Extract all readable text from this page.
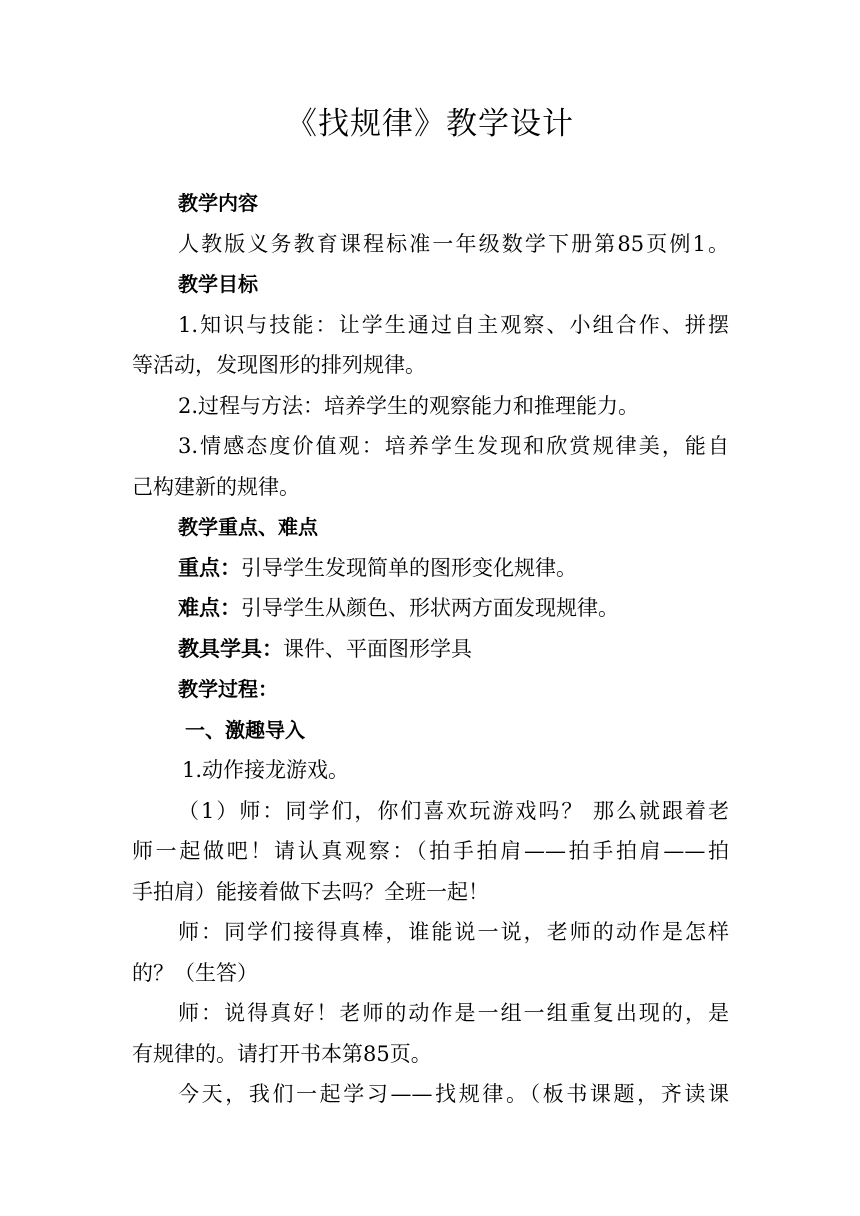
《找规律》教学设计
教学内容
人教版义务教育课程标准一年级数学下册第85页例1。
教学目标
1.知识与技能：让学生通过自主观察、小组合作、拼摆
等活动，发现图形的排列规律。
2.过程与方法：培养学生的观察能力和推理能力。
3.情感态度价值观：培养学生发现和欣赏规律美，能自
己构建新的规律。
教学重点、难点
重点：引导学生发现简单的图形变化规律。
难点：引导学生从颜色、形状两方面发现规律。
教具学具：课件、平面图形学具
教学过程：
一、激趣导入
1.动作接龙游戏。
（1）师：同学们，你们喜欢玩游戏吗？ 那么就跟着老
师一起做吧！请认真观察：（拍手拍肩——拍手拍肩——拍
手拍肩）能接着做下去吗？全班一起！
师：同学们接得真棒，谁能说一说，老师的动作是怎样
的？（生答）
师：说得真好！老师的动作是一组一组重复出现的，是
有规律的。请打开书本第85页。
今天，我们一起学习——找规律。（板书课题，齐读课
